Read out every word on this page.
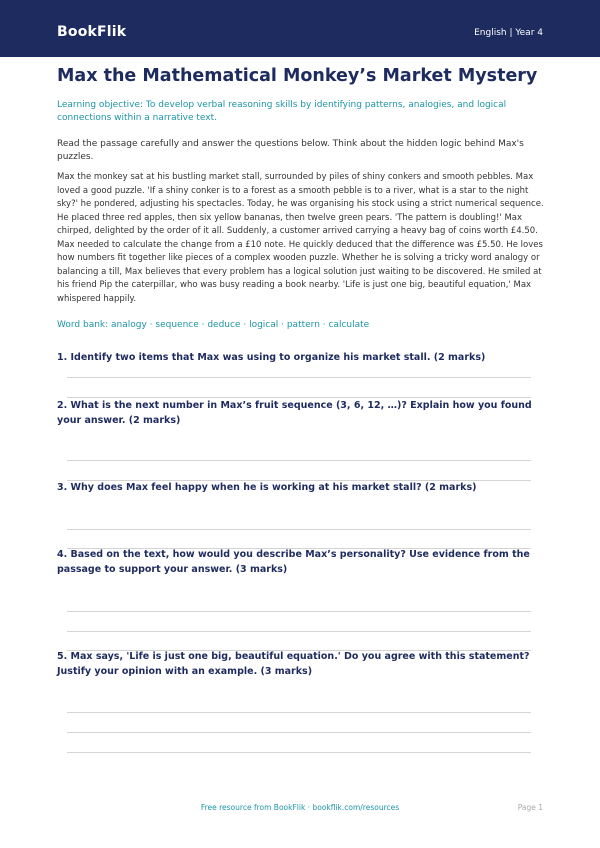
BookFlik	English | Year 4
Max the Mathematical Monkey’s Market Mystery
Learning objective: To develop verbal reasoning skills by identifying patterns, analogies, and logical connections within a narrative text.
Read the passage carefully and answer the questions below. Think about the hidden logic behind Max's puzzles.
Max the monkey sat at his bustling market stall, surrounded by piles of shiny conkers and smooth pebbles. Max loved a good puzzle. 'If a shiny conker is to a forest as a smooth pebble is to a river, what is a star to the night sky?' he pondered, adjusting his spectacles. Today, he was organising his stock using a strict numerical sequence. He placed three red apples, then six yellow bananas, then twelve green pears. 'The pattern is doubling!' Max chirped, delighted by the order of it all. Suddenly, a customer arrived carrying a heavy bag of coins worth £4.50. Max needed to calculate the change from a £10 note. He quickly deduced that the difference was £5.50. He loves how numbers fit together like pieces of a complex wooden puzzle. Whether he is solving a tricky word analogy or balancing a till, Max believes that every problem has a logical solution just waiting to be discovered. He smiled at his friend Pip the caterpillar, who was busy reading a book nearby. 'Life is just one big, beautiful equation,' Max whispered happily.
Word bank: analogy · sequence · deduce · logical · pattern · calculate
1. Identify two items that Max was using to organize his market stall. (2 marks)
2. What is the next number in Max’s fruit sequence (3, 6, 12, …)? Explain how you found your answer. (2 marks)
3. Why does Max feel happy when he is working at his market stall? (2 marks)
4. Based on the text, how would you describe Max’s personality? Use evidence from the passage to support your answer. (3 marks)
5. Max says, 'Life is just one big, beautiful equation.' Do you agree with this statement? Justify your opinion with an example. (3 marks)
Free resource from BookFlik · bookflik.com/resources	Page 1
